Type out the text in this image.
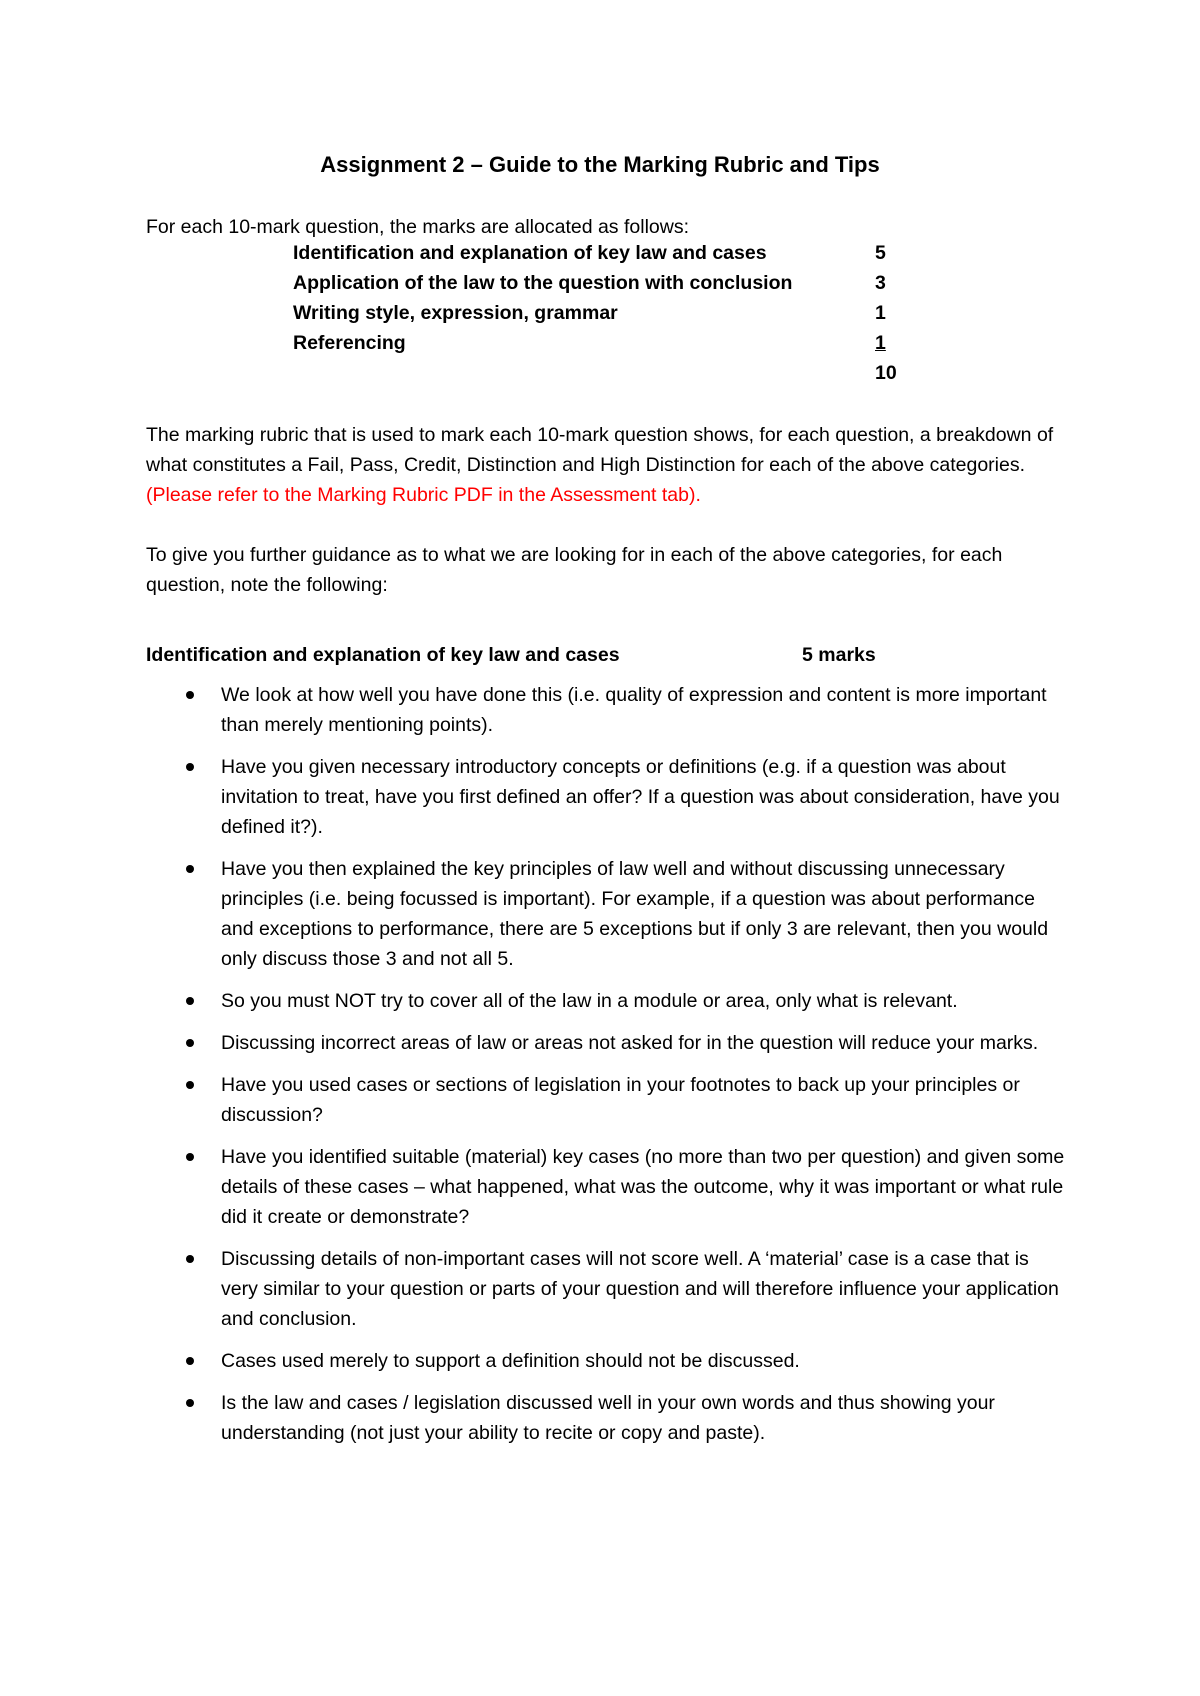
Assignment 2 – Guide to the Marking Rubric and Tips
For each 10-mark question, the marks are allocated as follows:
Identification and explanation of key law and cases	5
Application of the law to the question with conclusion	3
Writing style, expression, grammar	1
Referencing	1
10
The marking rubric that is used to mark each 10-mark question shows, for each question, a breakdown of what constitutes a Fail, Pass, Credit, Distinction and High Distinction for each of the above categories.  (Please refer to the Marking Rubric PDF in the Assessment tab).
To give you further guidance as to what we are looking for in each of the above categories, for each question, note the following:
Identification and explanation of key law and cases	5 marks
We look at how well you have done this (i.e. quality of expression and content is more important than merely mentioning points).
Have you given necessary introductory concepts or definitions (e.g. if a question was about invitation to treat, have you first defined an offer? If a question was about consideration, have you defined it?).
Have you then explained the key principles of law well and without discussing unnecessary principles (i.e. being focussed is important). For example, if a question was about performance and exceptions to performance, there are 5 exceptions but if only 3 are relevant, then you would only discuss those 3 and not all 5.
So you must NOT try to cover all of the law in a module or area, only what is relevant.
Discussing incorrect areas of law or areas not asked for in the question will reduce your marks.
Have you used cases or sections of legislation in your footnotes to back up your principles or discussion?
Have you identified suitable (material) key cases (no more than two per question) and given some details of these cases – what happened, what was the outcome, why it was important or what rule did it create or demonstrate?
Discussing details of non-important cases will not score well. A ‘material’ case is a case that is very similar to your question or parts of your question and will therefore influence your application and conclusion.
Cases used merely to support a definition should not be discussed.
Is the law and cases / legislation discussed well in your own words and thus showing your understanding (not just your ability to recite or copy and paste).
